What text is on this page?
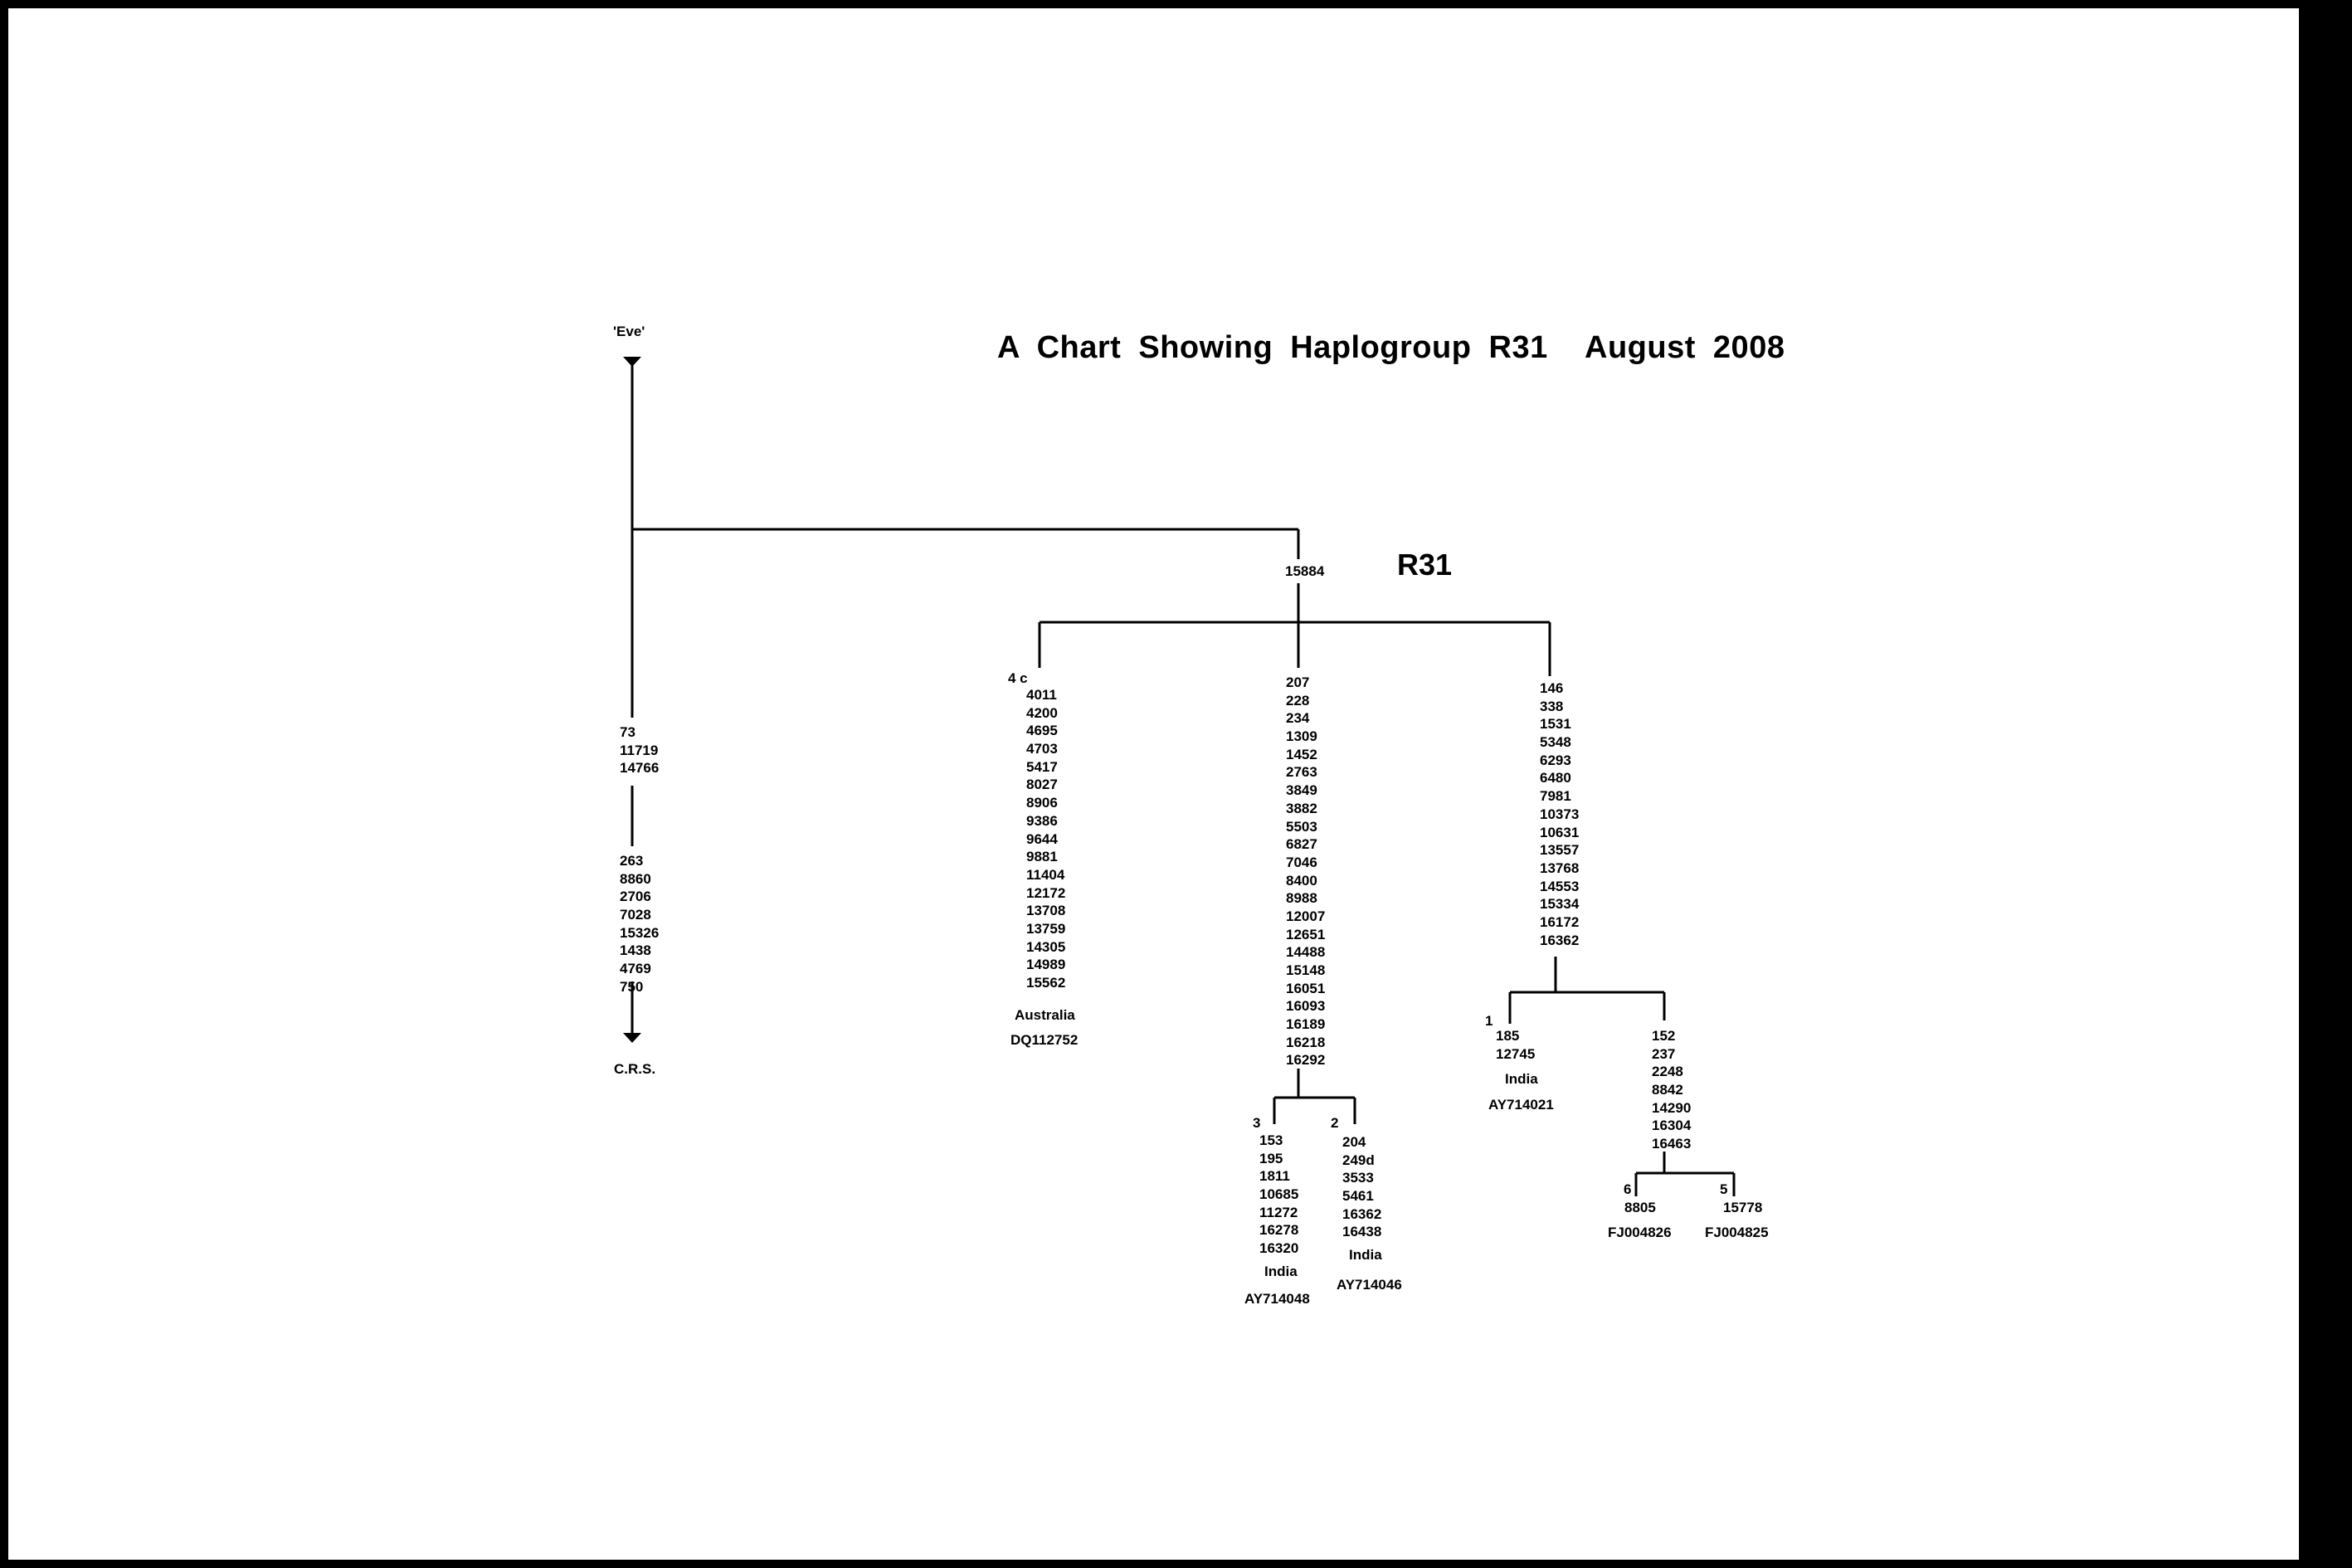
A Chart Showing Haplogroup R31 August 2008
R31
'Eve'
73
11719
14766
263
8860
2706
7028
15326
1438
4769
750
C.R.S.
15884
4 c
4011
4200
4695
4703
5417
8027
8906
9386
9644
9881
11404
12172
13708
13759
14305
14989
15562
Australia
DQ112752
207
228
234
1309
1452
2763
3849
3882
5503
6827
7046
8400
8988
12007
12651
14488
15148
16051
16093
16189
16218
16292
3
153
195
1811
10685
11272
16278
16320
India
AY714048
2
204
249d
3533
5461
16362
16438
India
AY714046
146
338
1531
5348
6293
6480
7981
10373
10631
13557
13768
14553
15334
16172
16362
1
185
12745
India
AY714021
152
237
2248
8842
14290
16304
16463
6
8805
FJ004826
5
15778
FJ004825
